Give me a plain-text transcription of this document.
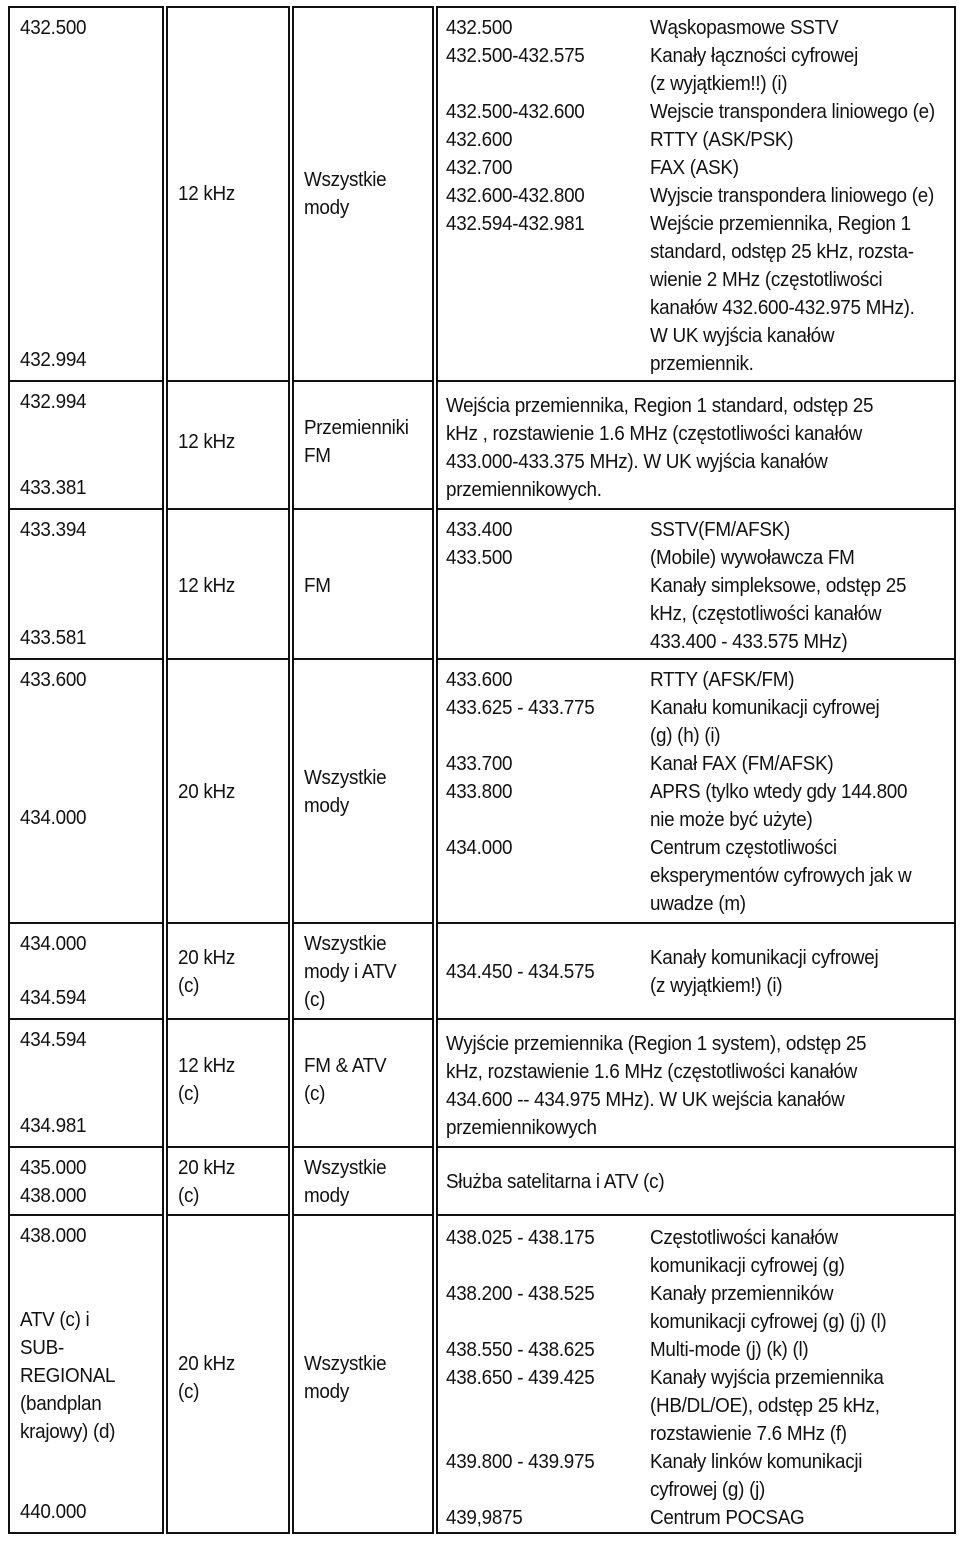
432.500
432.994
12 kHz
Wszystkie
mody
432.500
432.500-432.575

432.500-432.600
432.600
432.700
432.600-432.800
432.594-432.981
Wąskopasmowe SSTV
Kanały łączności cyfrowej
(z wyjątkiem!!) (i)
Wejscie transpondera liniowego (e)
RTTY (ASK/PSK)
FAX (ASK)
Wyjscie transpondera liniowego (e)
Wejście przemiennika, Region 1
standard, odstęp 25 kHz, rozsta-
wienie 2 MHz (częstotliwości
kanałów 432.600-432.975 MHz).
W UK wyjścia kanałów
przemiennik.
432.994
433.381
12 kHz
Przemienniki
FM
Wejścia przemiennika, Region 1 standard, odstęp 25
kHz , rozstawienie 1.6 MHz (częstotliwości kanałów
433.000-433.375 MHz). W UK wyjścia kanałów
przemiennikowych.
433.394
433.581
12 kHz	FM
433.400
433.500
SSTV(FM/AFSK)
(Mobile) wywoławcza FM
Kanały simpleksowe, odstęp 25
kHz, (częstotliwości kanałów
433.400 - 433.575 MHz)
433.600
434.000
20 kHz
Wszystkie
mody
433.600
433.625 - 433.775

433.700
433.800

434.000
RTTY (AFSK/FM)
Kanału komunikacji cyfrowej
(g) (h) (i)
Kanał FAX (FM/AFSK)
APRS (tylko wtedy gdy 144.800
nie może być użyte)
Centrum częstotliwości
eksperymentów cyfrowych jak w
uwadze (m)
434.000
434.594
20 kHz
(c)
Wszystkie
mody i ATV
(c)
434.450 - 434.575
Kanały komunikacji cyfrowej
(z wyjątkiem!) (i)
434.594
434.981
12 kHz
(c)
FM & ATV
(c)
Wyjście przemiennika (Region 1 system), odstęp 25
kHz, rozstawienie 1.6 MHz (częstotliwości kanałów
434.600 -- 434.975 MHz). W UK wejścia kanałów
przemiennikowych
435.000
438.000
20 kHz
(c)
Wszystkie
mody
Służba satelitarna i ATV (c)
438.000
ATV (c) i
SUB-
REGIONAL
(bandplan
krajowy) (d)
440.000
20 kHz
(c)
Wszystkie
mody
438.025 - 438.175

438.200 - 438.525

438.550 - 438.625
438.650 - 439.425

439.800 - 439.975

439,9875
Częstotliwości kanałów
komunikacji cyfrowej (g)
Kanały przemienników
komunikacji cyfrowej (g) (j) (l)
Multi-mode (j) (k) (l)
Kanały wyjścia przemiennika
(HB/DL/OE), odstęp 25 kHz,
rozstawienie 7.6 MHz (f)
Kanały linków komunikacji
cyfrowej (g) (j)
Centrum POCSAG
